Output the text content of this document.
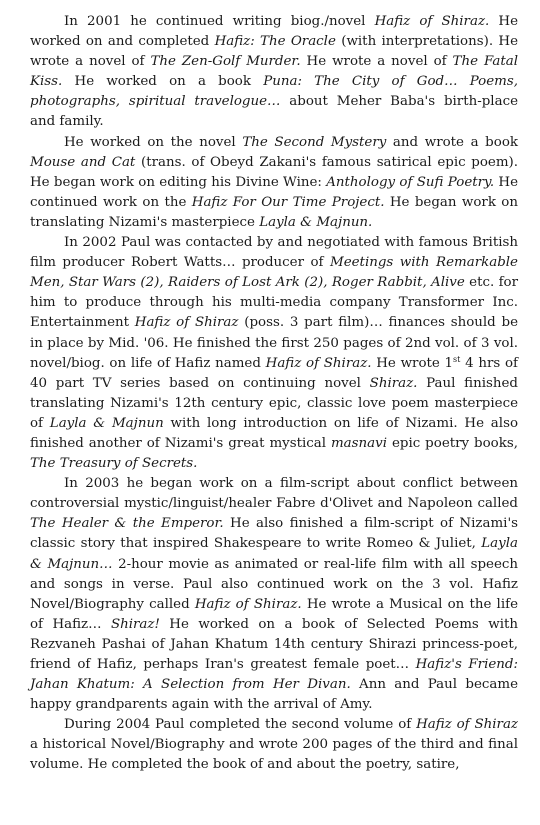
In 2001 he continued writing biog./novel Hafiz of Shiraz. He worked on and completed Hafiz: The Oracle (with interpretations). He wrote a novel of The Zen-Golf Murder. He wrote a novel of The Fatal Kiss. He worked on a book Puna: The City of God… Poems, photographs, spiritual travelogue… about Meher Baba's birth-place and family.

He worked on the novel The Second Mystery and wrote a book Mouse and Cat (trans. of Obeyd Zakani's famous satirical epic poem). He began work on editing his Divine Wine: Anthology of Sufi Poetry. He continued work on the Hafiz For Our Time Project. He began work on translating Nizami's masterpiece Layla & Majnun.

In 2002 Paul was contacted by and negotiated with famous British film producer Robert Watts… producer of Meetings with Remarkable Men, Star Wars (2), Raiders of Lost Ark (2), Roger Rabbit, Alive etc. for him to produce through his multi-media company Transformer Inc. Entertainment Hafiz of Shiraz (poss. 3 part film)… finances should be in place by Mid. '06. He finished the first 250 pages of 2nd vol. of 3 vol. novel/biog. on life of Hafiz named Hafiz of Shiraz. He wrote 1st 4 hrs of 40 part TV series based on continuing novel Shiraz. Paul finished translating Nizami's 12th century epic, classic love poem masterpiece of Layla & Majnun with long introduction on life of Nizami. He also finished another of Nizami's great mystical masnavi epic poetry books, The Treasury of Secrets.

In 2003 he began work on a film-script about conflict between controversial mystic/linguist/healer Fabre d'Olivet and Napoleon called The Healer & the Emperor. He also finished a film-script of Nizami's classic story that inspired Shakespeare to write Romeo & Juliet, Layla & Majnun… 2-hour movie as animated or real-life film with all speech and songs in verse. Paul also continued work on the 3 vol. Hafiz Novel/Biography called Hafiz of Shiraz. He wrote a Musical on the life of Hafiz… Shiraz! He worked on a book of Selected Poems with Rezvaneh Pashai of Jahan Khatum 14th century Shirazi princess-poet, friend of Hafiz, perhaps Iran's greatest female poet… Hafiz's Friend: Jahan Khatum: A Selection from Her Divan. Ann and Paul became happy grandparents again with the arrival of Amy.

During 2004 Paul completed the second volume of Hafiz of Shiraz a historical Novel/Biography and wrote 200 pages of the third and final volume. He completed the book of and about the poetry, satire,
